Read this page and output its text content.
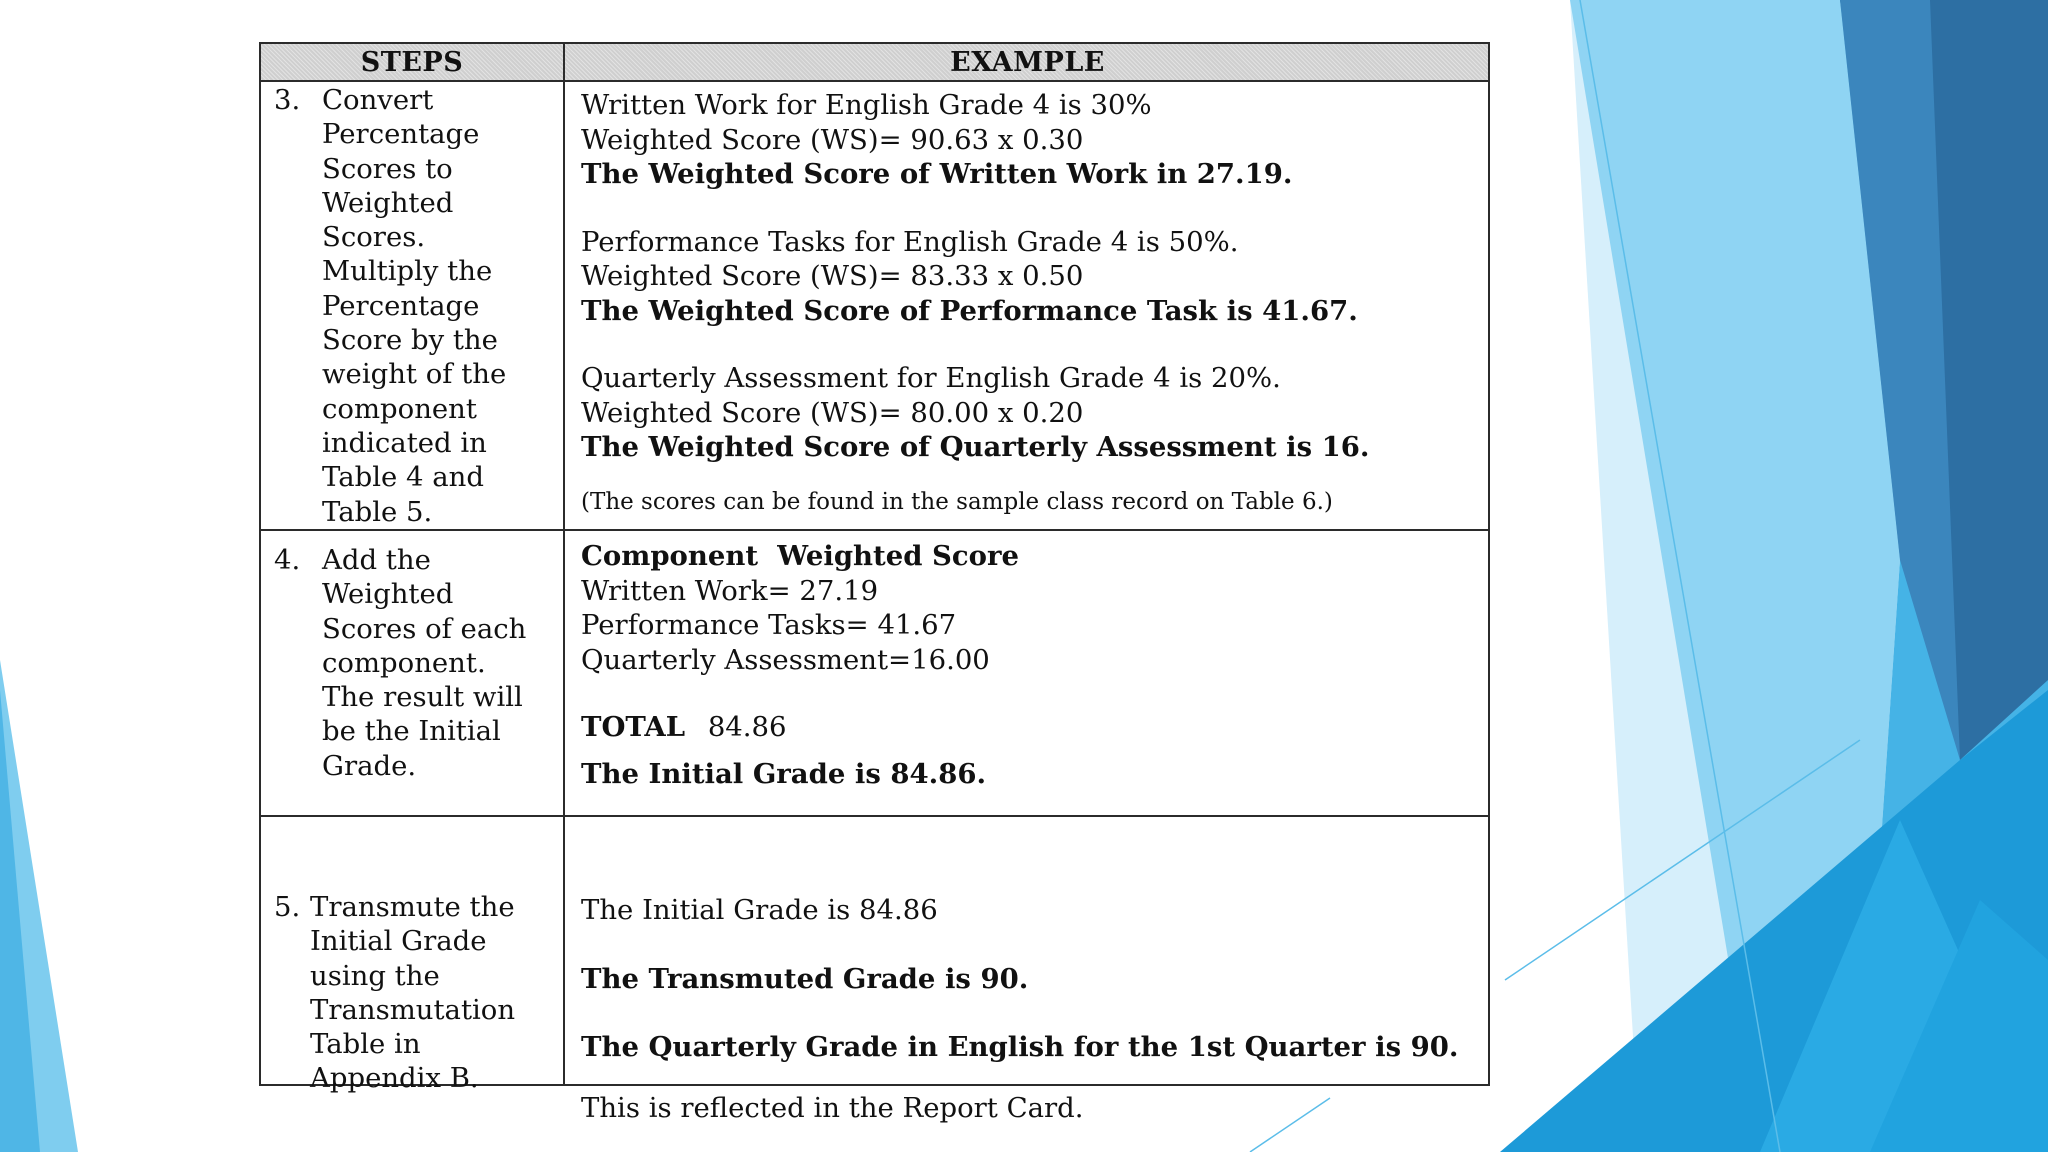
STEPS	EXAMPLE
3. Convert
Percentage
Scores to
Weighted
Scores.
Multiply the
Percentage
Score by the
weight of the
component
indicated in
Table 4 and
Table 5.
Written Work for English Grade 4 is 30%
Weighted Score (WS)= 90.63 x 0.30
The Weighted Score of Written Work in 27.19.
Performance Tasks for English Grade 4 is 50%.
Weighted Score (WS)= 83.33 x 0.50
The Weighted Score of Performance Task is 41.67.
Quarterly Assessment for English Grade 4 is 20%.
Weighted Score (WS)= 80.00 x 0.20
The Weighted Score of Quarterly Assessment is 16.
(The scores can be found in the sample class record on Table 6.)
4. Add the
Weighted
Scores of each
component.
The result will
be the Initial
Grade.
Component  Weighted Score
Written Work= 27.19
Performance Tasks= 41.67
Quarterly Assessment=16.00
TOTAL 84.86
The Initial Grade is 84.86.
5. Transmute the
Initial Grade
using the
Transmutation
Table in
Appendix B.
The Initial Grade is 84.86
The Transmuted Grade is 90.
The Quarterly Grade in English for the 1st Quarter is 90.
This is reflected in the Report Card.
